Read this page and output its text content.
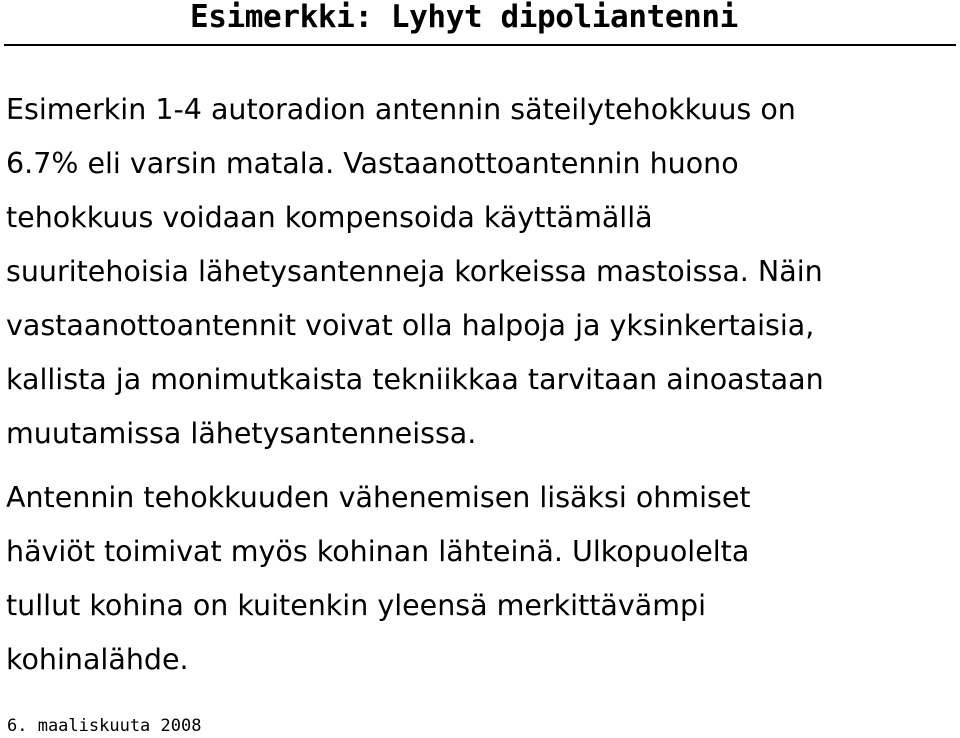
Esimerkki: Lyhyt dipoliantenni

Esimerkin 1-4 autoradion antennin säteilytehokkuus on
6.7% eli varsin matala. Vastaanottoantennin huono
tehokkuus voidaan kompensoida käyttämällä
suuritehoisia lähetysantenneja korkeissa mastoissa. Näin
vastaanottoantennit voivat olla halpoja ja yksinkertaisia,
kallista ja monimutkaista tekniikkaa tarvitaan ainoastaan
muutamissa lähetysantenneissa.

Antennin tehokkuuden vähenemisen lisäksi ohmiset
häviöt toimivat myös kohinan lähteinä. Ulkopuolelta
tullut kohina on kuitenkin yleensä merkittävämpi
kohinalähde.

6. maaliskuuta 2008
